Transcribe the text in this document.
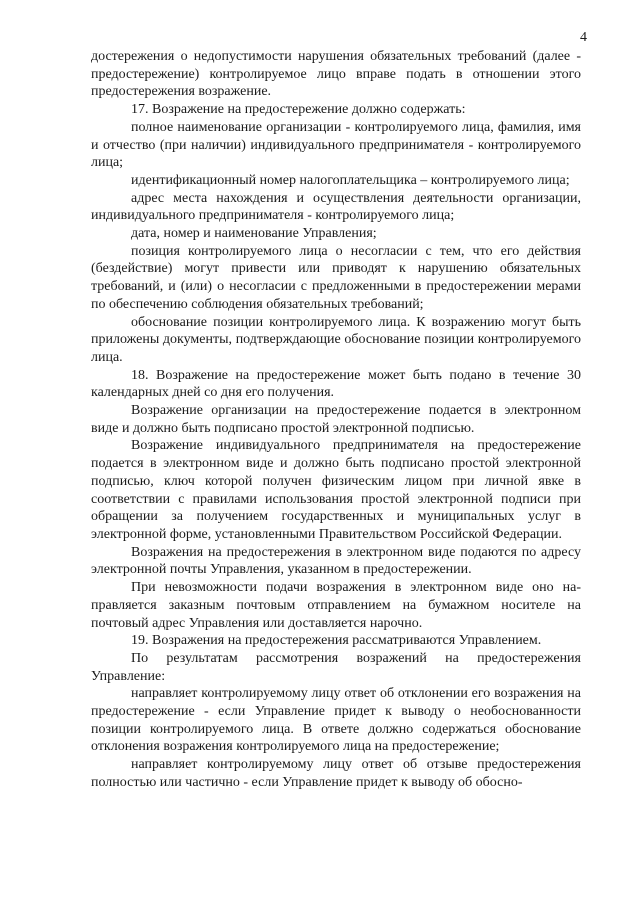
4

достережения о недопустимости нарушения обязательных требований (далее - предостережение) контролируемое лицо вправе подать в отношении этого предостережения возражение.

17. Возражение на предостережение должно содержать:

полное наименование организации - контролируемого лица, фамилия, имя и отчество (при наличии) индивидуального предпринимателя - контролируемого лица;

идентификационный номер налогоплательщика – контролируемого лица;

адрес места нахождения и осуществления деятельности организации, индивидуального предпринимателя - контролируемого лица;

дата, номер и наименование Управления;

позиция контролируемого лица о несогласии с тем, что его действия (бездействие) могут привести или приводят к нарушению обязательных требований, и (или) о несогласии с предложенными в предостережении мерами по обеспечению соблюдения обязательных требований;

обоснование позиции контролируемого лица. К возражению могут быть приложены документы, подтверждающие обоснование позиции контролируемого лица.

18. Возражение на предостережение может быть подано в течение 30 календарных дней со дня его получения.

Возражение организации на предостережение подается в электронном виде и должно быть подписано простой электронной подписью.

Возражение индивидуального предпринимателя на предостережение подается в электронном виде и должно быть подписано простой электронной подписью, ключ которой получен физическим лицом при личной явке в соответствии с правилами использования простой электронной подписи при обращении за получением государственных и муниципальных услуг в электронной форме, установленными Правительством Российской Федерации.

Возражения на предостережения в электронном виде подаются по адресу электронной почты Управления, указанном в предостережении.

При невозможности подачи возражения в электронном виде оно направляется заказным почтовым отправлением на бумажном носителе на почтовый адрес Управления или доставляется нарочно.

19. Возражения на предостережения рассматриваются Управлением.

По результатам рассмотрения возражений на предостережения Управление:

направляет контролируемому лицу ответ об отклонении его возражения на предостережение - если Управление придет к выводу о необоснованности позиции контролируемого лица. В ответе должно содержаться обоснование отклонения возражения контролируемого лица на предостережение;

направляет контролируемому лицу ответ об отзыве предостережения полностью или частично - если Управление придет к выводу об обосно-
